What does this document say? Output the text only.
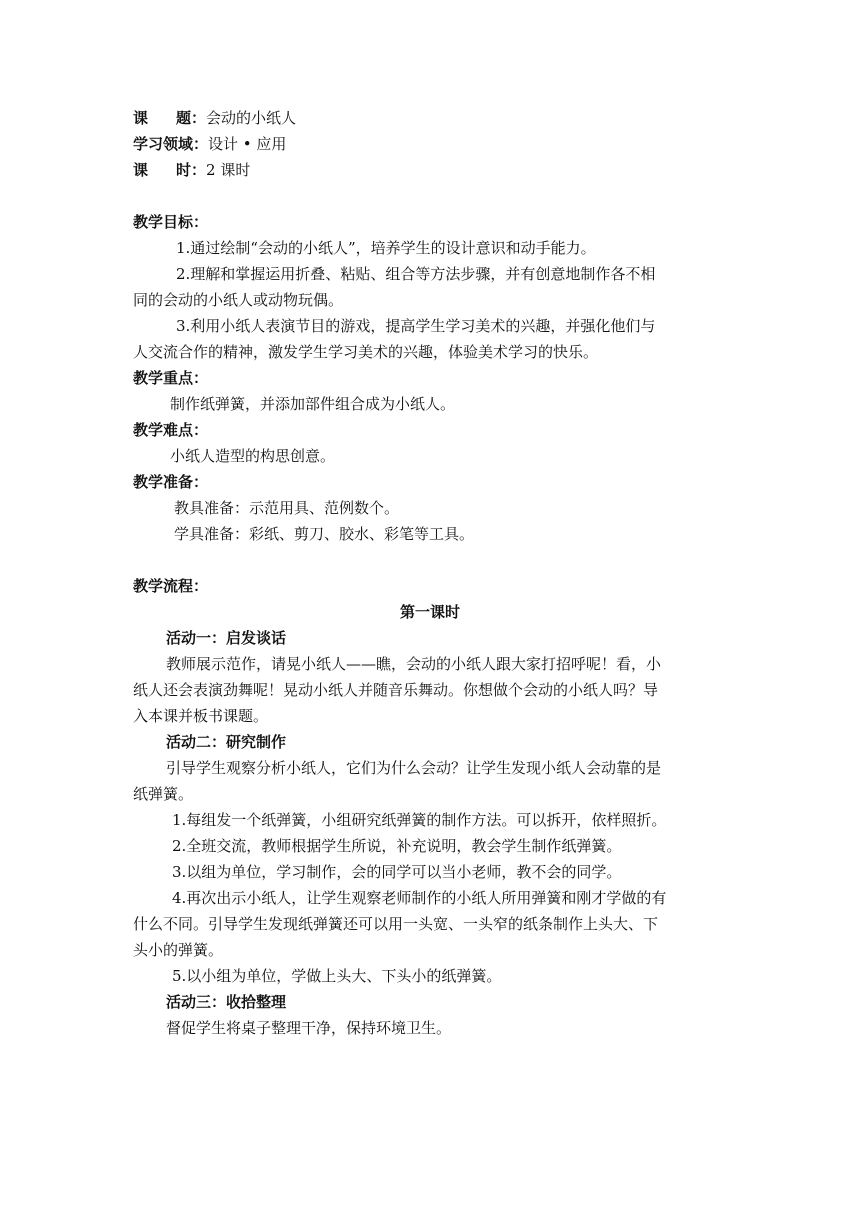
课 题：会动的小纸人
学习领域：设计 • 应用
课 时：2 课时
教学目标：
1.通过绘制“会动的小纸人”，培养学生的设计意识和动手能力。
2.理解和掌握运用折叠、粘贴、组合等方法步骤，并有创意地制作各不相
同的会动的小纸人或动物玩偶。
3.利用小纸人表演节目的游戏，提高学生学习美术的兴趣，并强化他们与
人交流合作的精神，激发学生学习美术的兴趣，体验美术学习的快乐。
教学重点：
制作纸弹簧，并添加部件组合成为小纸人。
教学难点：
小纸人造型的构思创意。
教学准备：
教具准备：示范用具、范例数个。
学具准备：彩纸、剪刀、胶水、彩笔等工具。
教学流程：
第一课时
活动一：启发谈话
教师展示范作，请晃小纸人——瞧，会动的小纸人跟大家打招呼呢！看，小
纸人还会表演劲舞呢！晃动小纸人并随音乐舞动。你想做个会动的小纸人吗？导
入本课并板书课题。
活动二：研究制作
引导学生观察分析小纸人，它们为什么会动？让学生发现小纸人会动靠的是
纸弹簧。
1.每组发一个纸弹簧，小组研究纸弹簧的制作方法。可以拆开，依样照折。
2.全班交流，教师根据学生所说，补充说明，教会学生制作纸弹簧。
3.以组为单位，学习制作，会的同学可以当小老师，教不会的同学。
4.再次出示小纸人，让学生观察老师制作的小纸人所用弹簧和刚才学做的有
什么不同。引导学生发现纸弹簧还可以用一头宽、一头窄的纸条制作上头大、下
头小的弹簧。
5.以小组为单位，学做上头大、下头小的纸弹簧。
活动三：收拾整理
督促学生将桌子整理干净，保持环境卫生。
